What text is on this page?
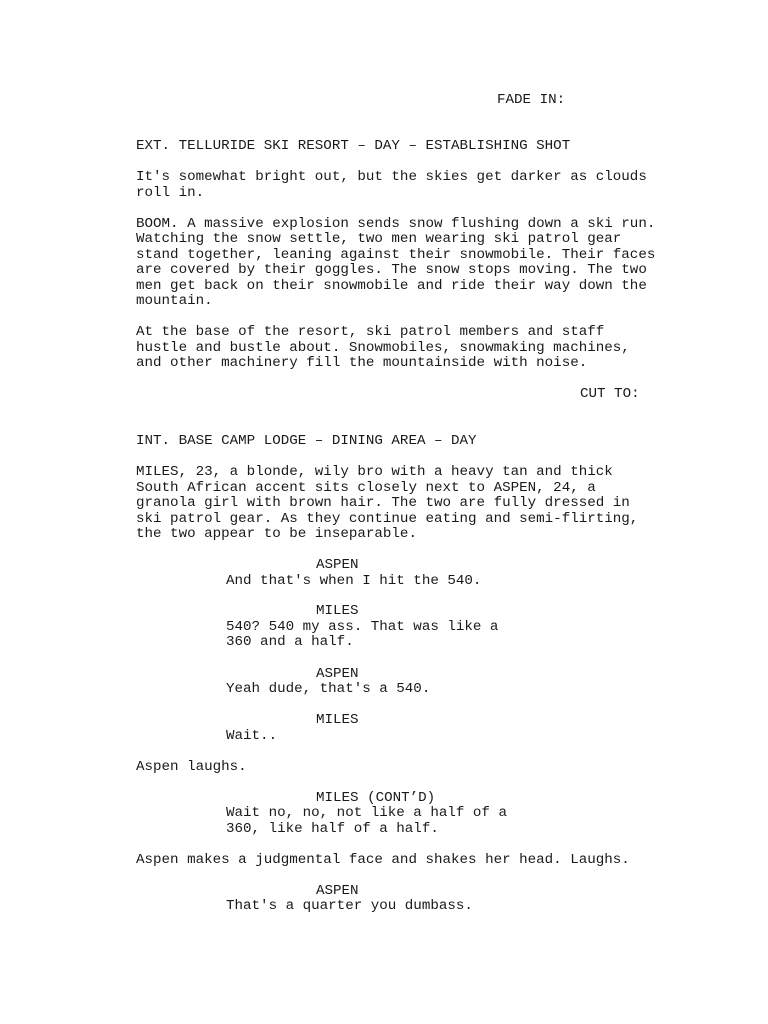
FADE IN:
EXT. TELLURIDE SKI RESORT – DAY – ESTABLISHING SHOT
It's somewhat bright out, but the skies get darker as clouds
roll in.
BOOM. A massive explosion sends snow flushing down a ski run.
Watching the snow settle, two men wearing ski patrol gear
stand together, leaning against their snowmobile. Their faces
are covered by their goggles. The snow stops moving. The two
men get back on their snowmobile and ride their way down the
mountain.
At the base of the resort, ski patrol members and staff
hustle and bustle about. Snowmobiles, snowmaking machines,
and other machinery fill the mountainside with noise.
CUT TO:
INT. BASE CAMP LODGE – DINING AREA – DAY
MILES, 23, a blonde, wily bro with a heavy tan and thick
South African accent sits closely next to ASPEN, 24, a
granola girl with brown hair. The two are fully dressed in
ski patrol gear. As they continue eating and semi-flirting,
the two appear to be inseparable.
ASPEN
And that's when I hit the 540.
MILES
540? 540 my ass. That was like a
360 and a half.
ASPEN
Yeah dude, that's a 540.
MILES
Wait..
Aspen laughs.
MILES (CONT’D)
Wait no, no, not like a half of a
360, like half of a half.
Aspen makes a judgmental face and shakes her head. Laughs.
ASPEN
That's a quarter you dumbass.
